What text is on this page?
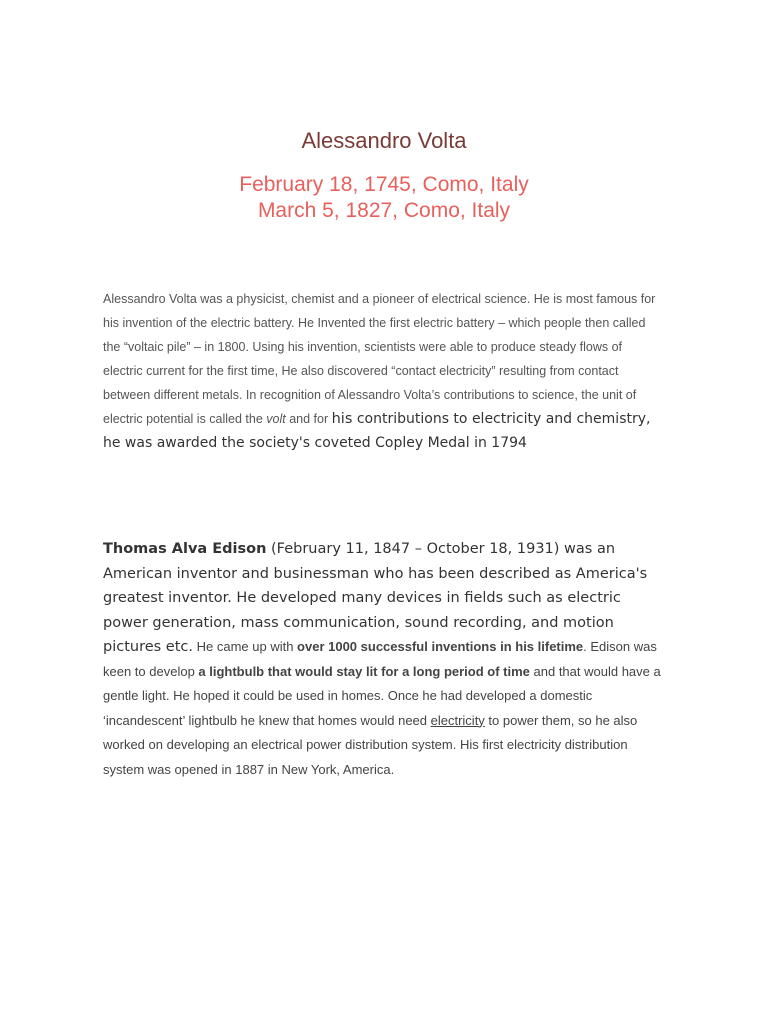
Alessandro Volta
February 18, 1745, Como, Italy
March 5, 1827, Como, Italy
Alessandro Volta was a physicist, chemist and a pioneer of electrical science. He is most famous for his invention of the electric battery. He Invented the first electric battery – which people then called the “voltaic pile” – in 1800. Using his invention, scientists were able to produce steady flows of electric current for the first time, He also discovered “contact electricity” resulting from contact between different metals. In recognition of Alessandro Volta’s contributions to science, the unit of electric potential is called the volt and for his contributions to electricity and chemistry, he was awarded the society's coveted Copley Medal in 1794
Thomas Alva Edison (February 11, 1847 – October 18, 1931) was an American inventor and businessman who has been described as America's greatest inventor. He developed many devices in fields such as electric power generation, mass communication, sound recording, and motion pictures etc. He came up with over 1000 successful inventions in his lifetime. Edison was keen to develop a lightbulb that would stay lit for a long period of time and that would have a gentle light. He hoped it could be used in homes. Once he had developed a domestic ‘incandescent’ lightbulb he knew that homes would need electricity to power them, so he also worked on developing an electrical power distribution system. His first electricity distribution system was opened in 1887 in New York, America.
